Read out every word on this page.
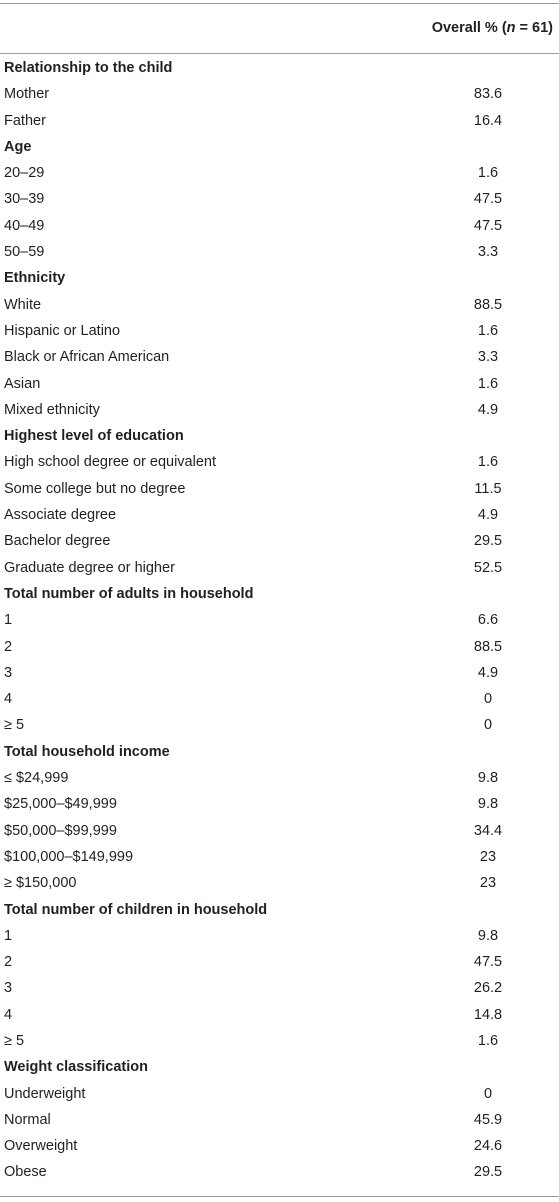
Overall % (n = 61)
Relationship to the child
Mother	83.6
Father	16.4
Age
20–29	1.6
30–39	47.5
40–49	47.5
50–59	3.3
Ethnicity
White	88.5
Hispanic or Latino	1.6
Black or African American	3.3
Asian	1.6
Mixed ethnicity	4.9
Highest level of education
High school degree or equivalent	1.6
Some college but no degree	11.5
Associate degree	4.9
Bachelor degree	29.5
Graduate degree or higher	52.5
Total number of adults in household
1	6.6
2	88.5
3	4.9
4	0
≥ 5	0
Total household income
≤ $24,999	9.8
$25,000–$49,999	9.8
$50,000–$99,999	34.4
$100,000–$149,999	23
≥ $150,000	23
Total number of children in household
1	9.8
2	47.5
3	26.2
4	14.8
≥ 5	1.6
Weight classification
Underweight	0
Normal	45.9
Overweight	24.6
Obese	29.5
